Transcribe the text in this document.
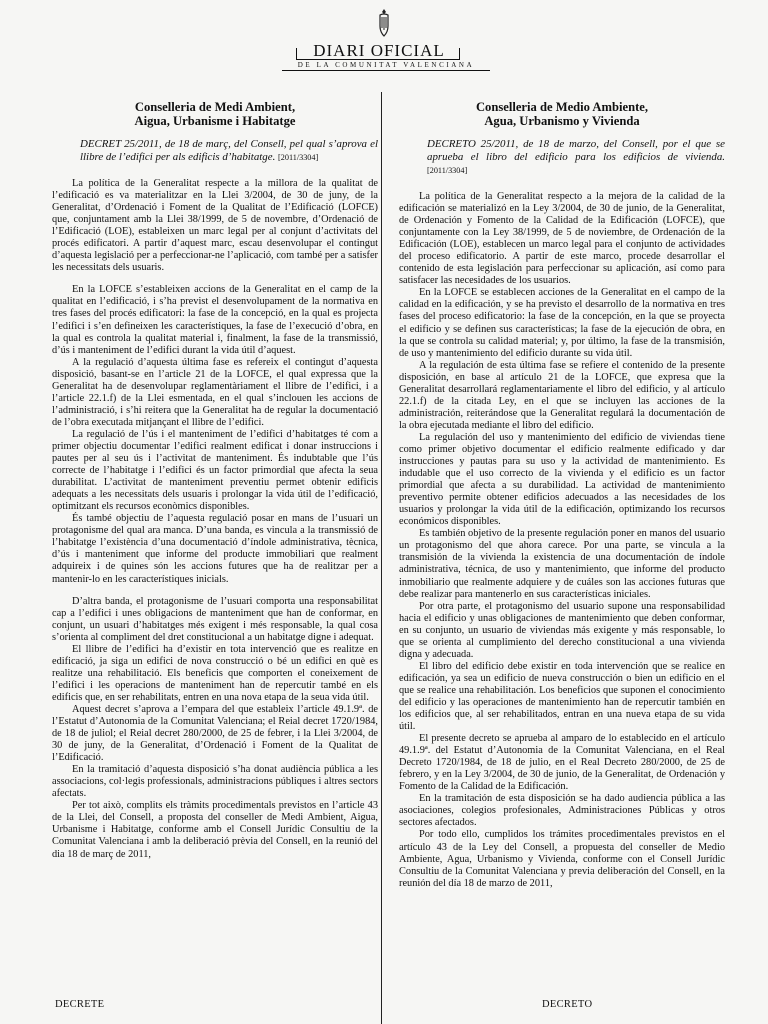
DIARI OFICIAL
DE LA COMUNITAT VALENCIANA

Conselleria de Medi Ambient,

Aigua, Urbanisme i Habitatge

DECRET 25/2011, de 18 de març, del Consell, pel qual s’aprova el llibre de l’edifici per als edificis d’habitatge. [2011/3304]

La política de la Generalitat respecte a la millora de la qualitat de l’edificació es va materialitzar en la Llei 3/2004, de 30 de juny, de la Generalitat, d’Ordenació i Foment de la Qualitat de l’Edificació (LOFCE) que, conjuntament amb la Llei 38/1999, de 5 de novembre, d’Ordenació de l’Edificació (LOE), estableixen un marc legal per al conjunt d’activitats del procés edificatori. A partir d’aquest marc, escau desenvolupar el contingut d’aquesta legislació per a perfeccionar-ne l’aplicació, com també per a satisfer les necessitats dels usuaris.

En la LOFCE s’estableixen accions de la Generalitat en el camp de la qualitat en l’edificació, i s’ha previst el desenvolupament de la normativa en tres fases del procés edificatori: la fase de la concepció, en la qual es projecta l’edifici i s’en defineixen les característiques, la fase de l’execució d’obra, en la qual es controla la qualitat material i, finalment, la fase de la transmissió, d’ús i manteniment de l’edifici durant la vida útil d’aquest.

A la regulació d’aquesta última fase es refereix el contingut d’aquesta disposició, basant-se en l’article 21 de la LOFCE, el qual expressa que la Generalitat ha de desenvolupar reglamentàriament el llibre de l’edifici, i a l’article 22.1.f) de la Llei esmentada, en el qual s’inclouen les accions de l’administració, i s’hi reitera que la Generalitat ha de regular la documentació de l’obra executada mitjançant el llibre de l’edifici.

La regulació de l’ús i el manteniment de l’edifici d’habitatges té com a primer objectiu documentar l’edifici realment edificat i donar instruccions i pautes per al seu ús i l’activitat de manteniment. És indubtable que l’ús correcte de l’habitatge i l’edifici és un factor primordial que afecta la seua durabilitat. L’activitat de manteniment preventiu permet obtenir edificis adequats a les necessitats dels usuaris i prolongar la vida útil de l’edificació, optimitzant els recursos econòmics disponibles.

És també objectiu de l’aquesta regulació posar en mans de l’usuari un protagonisme del qual ara manca. D’una banda, es vincula a la transmissió de l’habitatge l’existència d’una documentació d’índole administrativa, tècnica, d’ús i manteniment que informe del producte immobiliari que realment adquireix i de quines són les accions futures que ha de realitzar per a mantenir-lo en les característiques inicials.

D’altra banda, el protagonisme de l’usuari comporta una responsabilitat cap a l’edifici i unes obligacions de manteniment que han de conformar, en conjunt, un usuari d’habitatges més exigent i més responsable, la qual cosa s’orienta al compliment del dret constitucional a un habitatge digne i adequat.

El llibre de l’edifici ha d’existir en tota intervenció que es realitze en edificació, ja siga un edifici de nova construcció o bé un edifici en què es realitze una rehabilitació. Els beneficis que comporten el coneixement de l’edifici i les operacions de manteniment han de repercutir també en els edificis que, en ser rehabilitats, entren en una nova etapa de la seua vida útil.

Aquest decret s’aprova a l’empara del que estableix l’article 49.1.9ª. de l’Estatut d’Autonomia de la Comunitat Valenciana; el Reial decret 1720/1984, de 18 de juliol; el Reial decret 280/2000, de 25 de febrer, i la Llei 3/2004, de 30 de juny, de la Generalitat, d’Ordenació i Foment de la Qualitat de l’Edificació.

En la tramitació d’aquesta disposició s’ha donat audiència pública a les associacions, col·legis professionals, administracions públiques i altres sectors afectats.

Per tot això, complits els tràmits procedimentals previstos en l’article 43 de la Llei, del Consell, a proposta del conseller de Medi Ambient, Aigua, Urbanisme i Habitatge, conforme amb el Consell Jurídic Consultiu de la Comunitat Valenciana i amb la deliberació prèvia del Consell, en la reunió del dia 18 de març de 2011,

Conselleria de Medio Ambiente,

Agua, Urbanismo y Vivienda

DECRETO 25/2011, de 18 de marzo, del Consell, por el que se aprueba el libro del edificio para los edificios de vivienda. [2011/3304]

La política de la Generalitat respecto a la mejora de la calidad de la edificación se materializó en la Ley 3/2004, de 30 de junio, de la Generalitat, de Ordenación y Fomento de la Calidad de la Edificación (LOFCE), que conjuntamente con la Ley 38/1999, de 5 de noviembre, de Ordenación de la Edificación (LOE), establecen un marco legal para el conjunto de actividades del proceso edificatorio. A partir de este marco, procede desarrollar el contenido de esta legislación para perfeccionar su aplicación, así como para satisfacer las necesidades de los usuarios.

En la LOFCE se establecen acciones de la Generalitat en el campo de la calidad en la edificación, y se ha previsto el desarrollo de la normativa en tres fases del proceso edificatorio: la fase de la concepción, en la que se proyecta el edificio y se definen sus características; la fase de la ejecución de obra, en la que se controla su calidad material; y, por último, la fase de la transmisión, de uso y mantenimiento del edificio durante su vida útil.

A la regulación de esta última fase se refiere el contenido de la presente disposición, en base al artículo 21 de la LOFCE, que expresa que la Generalitat desarrollará reglamentariamente el libro del edificio, y al artículo 22.1.f) de la citada Ley, en el que se incluyen las acciones de la administración, reiterándose que la Generalitat regulará la documentación de la obra ejecutada mediante el libro del edificio.

La regulación del uso y mantenimiento del edificio de viviendas tiene como primer objetivo documentar el edificio realmente edificado y dar instrucciones y pautas para su uso y la actividad de mantenimiento. Es indudable que el uso correcto de la vivienda y el edificio es un factor primordial que afecta a su durabilidad. La actividad de mantenimiento preventivo permite obtener edificios adecuados a las necesidades de los usuarios y prolongar la vida útil de la edificación, optimizando los recursos económicos disponibles.

Es también objetivo de la presente regulación poner en manos del usuario un protagonismo del que ahora carece. Por una parte, se vincula a la transmisión de la vivienda la existencia de una documentación de índole administrativa, técnica, de uso y mantenimiento, que informe del producto inmobiliario que realmente adquiere y de cuáles son las acciones futuras que debe realizar para mantenerlo en sus características iniciales.

Por otra parte, el protagonismo del usuario supone una responsabilidad hacia el edificio y unas obligaciones de mantenimiento que deben conformar, en su conjunto, un usuario de viviendas más exigente y más responsable, lo que se orienta al cumplimiento del derecho constitucional a una vivienda digna y adecuada.

El libro del edificio debe existir en toda intervención que se realice en edificación, ya sea un edificio de nueva construcción o bien un edificio en el que se realice una rehabilitación. Los beneficios que suponen el conocimiento del edificio y las operaciones de mantenimiento han de repercutir también en los edificios que, al ser rehabilitados, entran en una nueva etapa de su vida útil.

El presente decreto se aprueba al amparo de lo establecido en el artículo 49.1.9ª. del Estatut d’Autonomia de la Comunitat Valenciana, en el Real Decreto 1720/1984, de 18 de julio, en el Real Decreto 280/2000, de 25 de febrero, y en la Ley 3/2004, de 30 de junio, de la Generalitat, de Ordenación y Fomento de la Calidad de la Edificación.

En la tramitación de esta disposición se ha dado audiencia pública a las asociaciones, colegios profesionales, Administraciones Públicas y otros sectores afectados.

Por todo ello, cumplidos los trámites procedimentales previstos en el artículo 43 de la Ley del Consell, a propuesta del conseller de Medio Ambiente, Agua, Urbanismo y Vivienda, conforme con el Consell Jurídic Consultiu de la Comunitat Valenciana y previa deliberación del Consell, en la reunión del día 18 de marzo de 2011,

DECRETE	DECRETO
